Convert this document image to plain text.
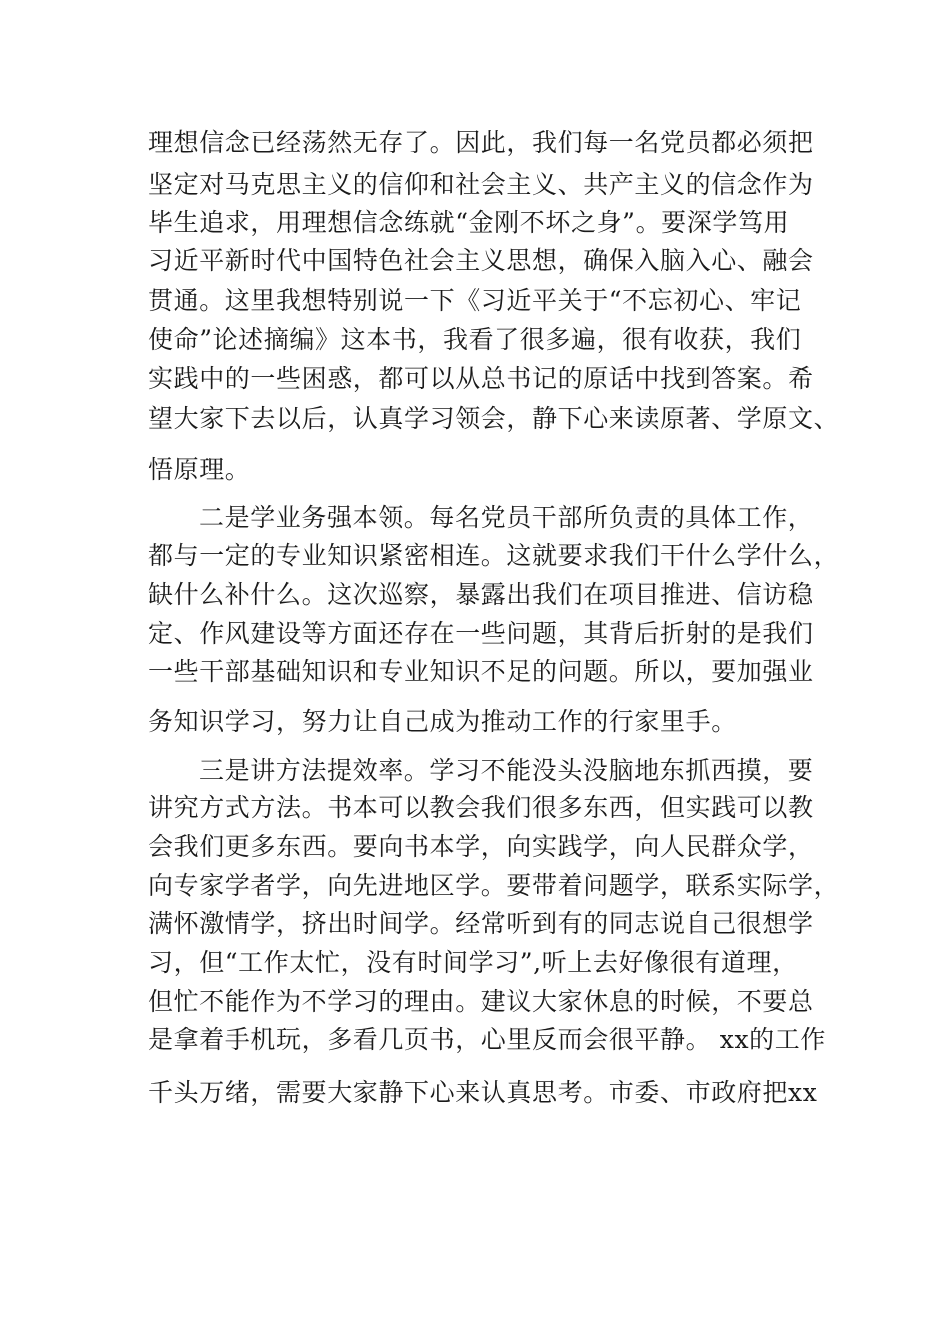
理想信念已经荡然无存了。因此，我们每一名党员都必须把
坚定对马克思主义的信仰和社会主义、共产主义的信念作为
毕生追求，用理想信念练就“金刚不坏之身”。要深学笃用
习近平新时代中国特色社会主义思想，确保入脑入心、融会
贯通。这里我想特别说一下《习近平关于“不忘初心、牢记
使命”论述摘编》这本书，我看了很多遍，很有收获，我们
实践中的一些困惑，都可以从总书记的原话中找到答案。希
望大家下去以后，认真学习领会，静下心来读原著、学原文、
悟原理。
二是学业务强本领。每名党员干部所负责的具体工作，
都与一定的专业知识紧密相连。这就要求我们干什么学什么，
缺什么补什么。这次巡察，暴露出我们在项目推进、信访稳
定、作风建设等方面还存在一些问题，其背后折射的是我们
一些干部基础知识和专业知识不足的问题。所以，要加强业
务知识学习，努力让自己成为推动工作的行家里手。
三是讲方法提效率。学习不能没头没脑地东抓西摸，要
讲究方式方法。书本可以教会我们很多东西，但实践可以教
会我们更多东西。要向书本学，向实践学，向人民群众学，
向专家学者学，向先进地区学。要带着问题学，联系实际学，
满怀激情学，挤出时间学。经常听到有的同志说自己很想学
习，但“工作太忙，没有时间学习”,听上去好像很有道理，
但忙不能作为不学习的理由。建议大家休息的时候，不要总
是拿着手机玩，多看几页书，心里反而会很平静。 xx的工作
千头万绪，需要大家静下心来认真思考。市委、市政府把xx
